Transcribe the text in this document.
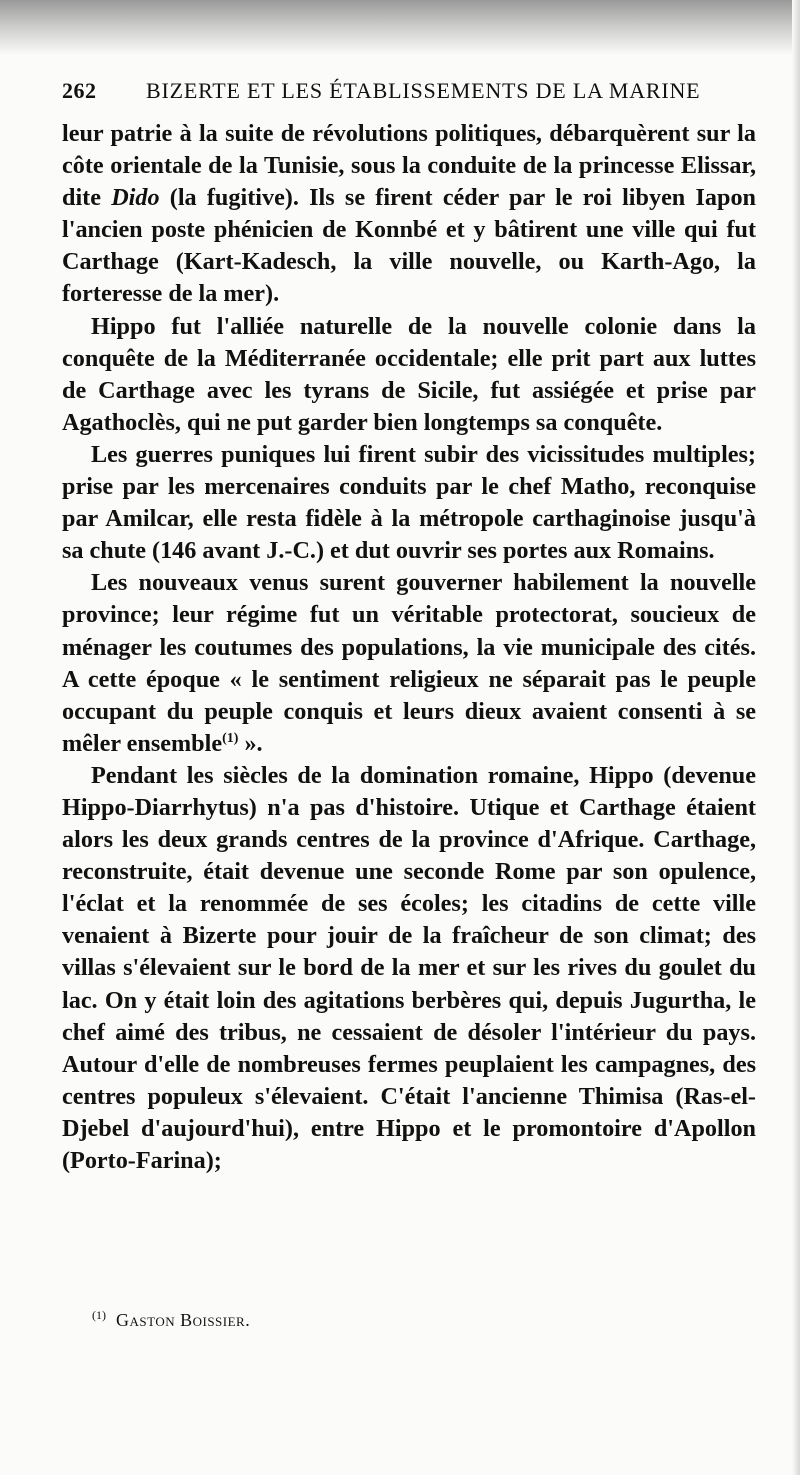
262 BIZERTE ET LES ÉTABLISSEMENTS DE LA MARINE

leur patrie à la suite de révolutions politiques, débarquèrent sur la côte orientale de la Tunisie, sous la conduite de la princesse Elissar, dite Dido (la fugitive). Ils se firent céder par le roi libyen Iapon l'ancien poste phénicien de Konnbé et y bâtirent une ville qui fut Carthage (Kart-Kadesch, la ville nouvelle, ou Karth-Ago, la forteresse de la mer).

Hippo fut l'alliée naturelle de la nouvelle colonie dans la conquête de la Méditerranée occidentale; elle prit part aux luttes de Carthage avec les tyrans de Sicile, fut assiégée et prise par Agathoclès, qui ne put garder bien longtemps sa conquête.

Les guerres puniques lui firent subir des vicissitudes multiples; prise par les mercenaires conduits par le chef Matho, reconquise par Amilcar, elle resta fidèle à la métropole carthaginoise jusqu'à sa chute (146 avant J.-C.) et dut ouvrir ses portes aux Romains.

Les nouveaux venus surent gouverner habilement la nouvelle province; leur régime fut un véritable protectorat, soucieux de ménager les coutumes des populations, la vie municipale des cités. A cette époque « le sentiment religieux ne séparait pas le peuple occupant du peuple conquis et leurs dieux avaient consenti à se mêler ensemble$^{(1)}$ ».

Pendant les siècles de la domination romaine, Hippo (devenue Hippo-Diarrhytus) n'a pas d'histoire. Utique et Carthage étaient alors les deux grands centres de la province d'Afrique. Carthage, reconstruite, était devenue une seconde Rome par son opulence, l'éclat et la renommée de ses écoles; les citadins de cette ville venaient à Bizerte pour jouir de la fraîcheur de son climat; des villas s'élevaient sur le bord de la mer et sur les rives du goulet du lac. On y était loin des agitations berbères qui, depuis Jugurtha, le chef aimé des tribus, ne cessaient de désoler l'intérieur du pays. Autour d'elle de nombreuses fermes peuplaient les campagnes, des centres populeux s'élevaient. C'était l'ancienne Thimisa (Ras-el-Djebel d'aujourd'hui), entre Hippo et le promontoire d'Apollon (Porto-Farina);

$^{(1)}$ Gaston Boissier.
